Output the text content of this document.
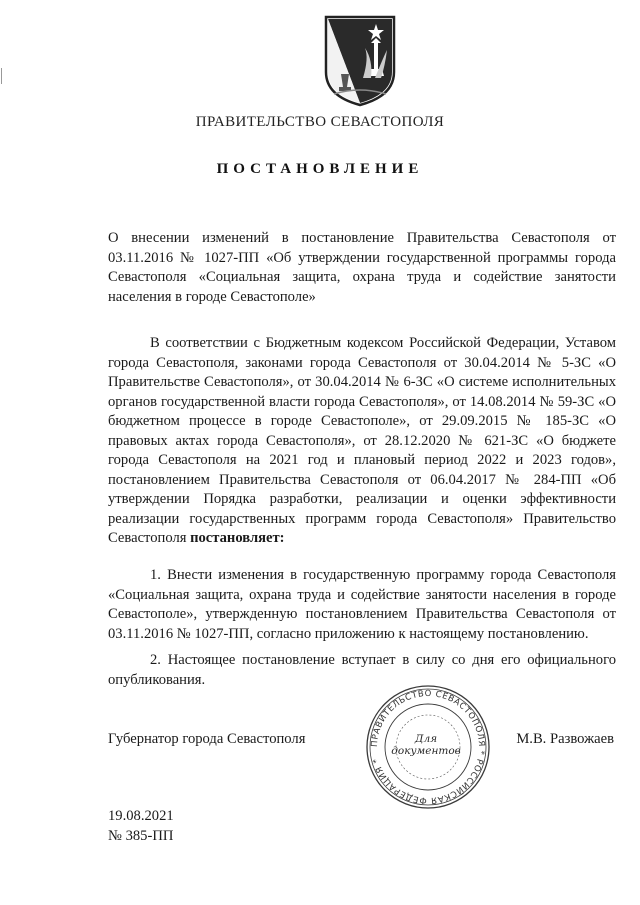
ПРАВИТЕЛЬСТВО СЕВАСТОПОЛЯ
ПОСТАНОВЛЕНИЕ
О внесении изменений в постановление Правительства Севастополя от 03.11.2016 № 1027-ПП «Об утверждении государственной программы города Севастополя «Социальная защита, охрана труда и содействие занятости населения в городе Севастополе»
В соответствии с Бюджетным кодексом Российской Федерации, Уставом города Севастополя, законами города Севастополя от 30.04.2014 № 5-ЗС «О Правительстве Севастополя», от 30.04.2014 № 6-ЗС «О системе исполнительных органов государственной власти города Севастополя», от 14.08.2014 № 59-ЗС «О бюджетном процессе в городе Севастополе», от 29.09.2015 № 185-ЗС «О правовых актах города Севастополя», от 28.12.2020 № 621-ЗС «О бюджете города Севастополя на 2021 год и плановый период 2022 и 2023 годов», постановлением Правительства Севастополя от 06.04.2017 № 284-ПП «Об утверждении Порядка разработки, реализации и оценки эффективности реализации государственных программ города Севастополя» Правительство Севастополя постановляет:
1. Внести изменения в государственную программу города Севастополя «Социальная защита, охрана труда и содействие занятости населения в городе Севастополе», утвержденную постановлением Правительства Севастополя от 03.11.2016 № 1027-ПП, согласно приложению к настоящему постановлению.
2. Настоящее постановление вступает в силу со дня его официального опубликования.
Губернатор города Севастополя	М.В. Развожаев
ПРАВИТЕЛЬСТВО СЕВАСТОПОЛЯ * РОССИЙСКАЯ ФЕДЕРАЦИЯ *
Для
документов
19.08.2021
№ 385-ПП
